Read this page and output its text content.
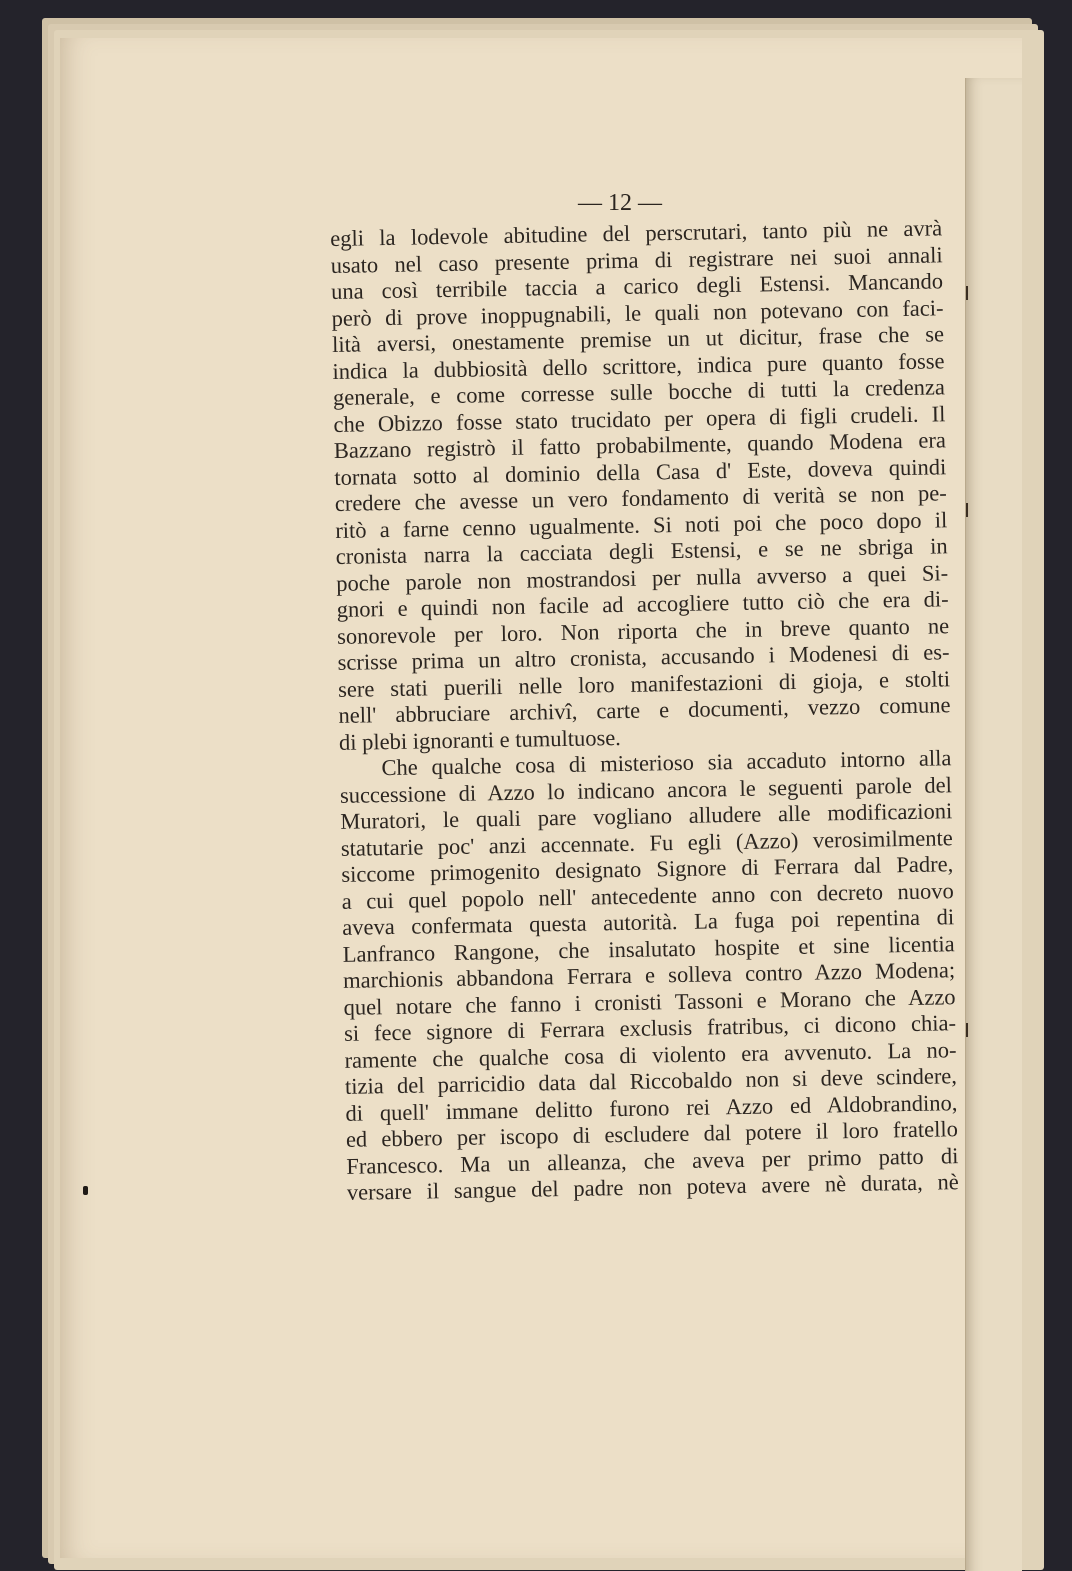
— 12 —
egli la lodevole abitudine del perscrutari, tanto più ne avrà
usato nel caso presente prima di registrare nei suoi annali
una così terribile taccia a carico degli Estensi. Mancando
però di prove inoppugnabili, le quali non potevano con faci-
lità aversi, onestamente premise un ut dicitur, frase che se
indica la dubbiosità dello scrittore, indica pure quanto fosse
generale, e come corresse sulle bocche di tutti la credenza
che Obizzo fosse stato trucidato per opera di figli crudeli. Il
Bazzano registrò il fatto probabilmente, quando Modena era
tornata sotto al dominio della Casa d' Este, doveva quindi
credere che avesse un vero fondamento di verità se non pe-
ritò a farne cenno ugualmente. Si noti poi che poco dopo il
cronista narra la cacciata degli Estensi, e se ne sbriga in
poche parole non mostrandosi per nulla avverso a quei Si-
gnori e quindi non facile ad accogliere tutto ciò che era di-
sonorevole per loro. Non riporta che in breve quanto ne
scrisse prima un altro cronista, accusando i Modenesi di es-
sere stati puerili nelle loro manifestazioni di gioja, e stolti
nell' abbruciare archivî, carte e documenti, vezzo comune
di plebi ignoranti e tumultuose.
Che qualche cosa di misterioso sia accaduto intorno alla
successione di Azzo lo indicano ancora le seguenti parole del
Muratori, le quali pare vogliano alludere alle modificazioni
statutarie poc' anzi accennate. Fu egli (Azzo) verosimilmente
siccome primogenito designato Signore di Ferrara dal Padre,
a cui quel popolo nell' antecedente anno con decreto nuovo
aveva confermata questa autorità. La fuga poi repentina di
Lanfranco Rangone, che insalutato hospite et sine licentia
marchionis abbandona Ferrara e solleva contro Azzo Modena;
quel notare che fanno i cronisti Tassoni e Morano che Azzo
si fece signore di Ferrara exclusis fratribus, ci dicono chia-
ramente che qualche cosa di violento era avvenuto. La no-
tizia del parricidio data dal Riccobaldo non si deve scindere,
di quell' immane delitto furono rei Azzo ed Aldobrandino,
ed ebbero per iscopo di escludere dal potere il loro fratello
Francesco. Ma un alleanza, che aveva per primo patto di
versare il sangue del padre non poteva avere nè durata, nè
